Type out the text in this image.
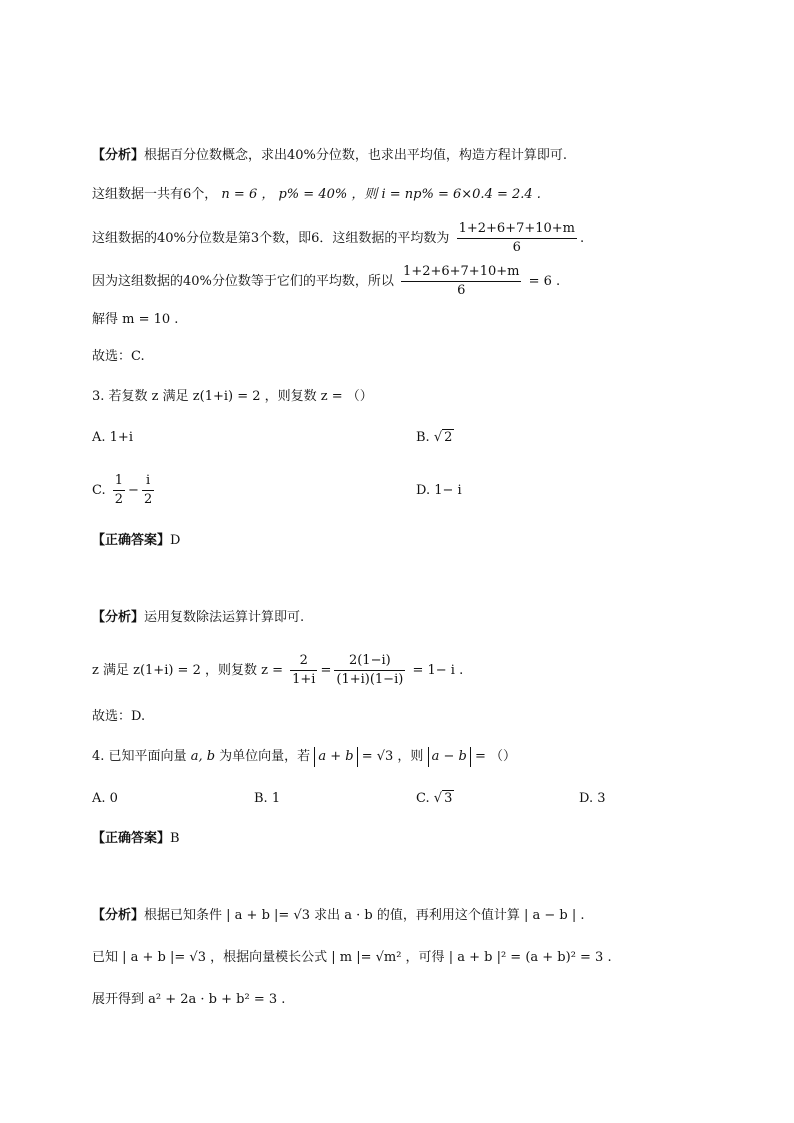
【分析】根据百分位数概念，求出40%分位数，也求出平均值，构造方程计算即可.
这组数据一共有6个， n = 6 ， p% = 40% ，则 i = np% = 6×0.4 = 2.4 .
这组数据的40%分位数是第3个数，即6．这组数据的平均数为 $\frac{1+2+6+7+10+m}{6}$ .
因为这组数据的40%分位数等于它们的平均数，所以 $\frac{1+2+6+7+10+m}{6} = 6$ .
解得 m = 10 .
故选：C.
3. 若复数 z 满足 z(1+i) = 2 ，则复数 z = （）
A. 1+i	B. √ 2
C. $\frac{1}{2} - \frac{i}{2}$	D. 1− i
【正确答案】D
【分析】运用复数除法运算计算即可.
z 满足 z(1+i) = 2 ，则复数 $z = \frac{2}{1+i} = \frac{2(1-i)}{(1+i)(1-i)} = 1- i$ .
故选：D.
4. 已知平面向量 a, b 为单位向量，若 a + b = √3 ，则 a − b = （）
A. 0	B. 1	C. √ 3	D. 3
【正确答案】B
【分析】根据已知条件 | a + b |= √3 求出 a · b 的值，再利用这个值计算 | a − b | .
已知 | a + b |= √3 ，根据向量模长公式 | m |= √m² ，可得 | a + b |² = (a + b)² = 3 .
展开得到 a² + 2a · b + b² = 3 .
